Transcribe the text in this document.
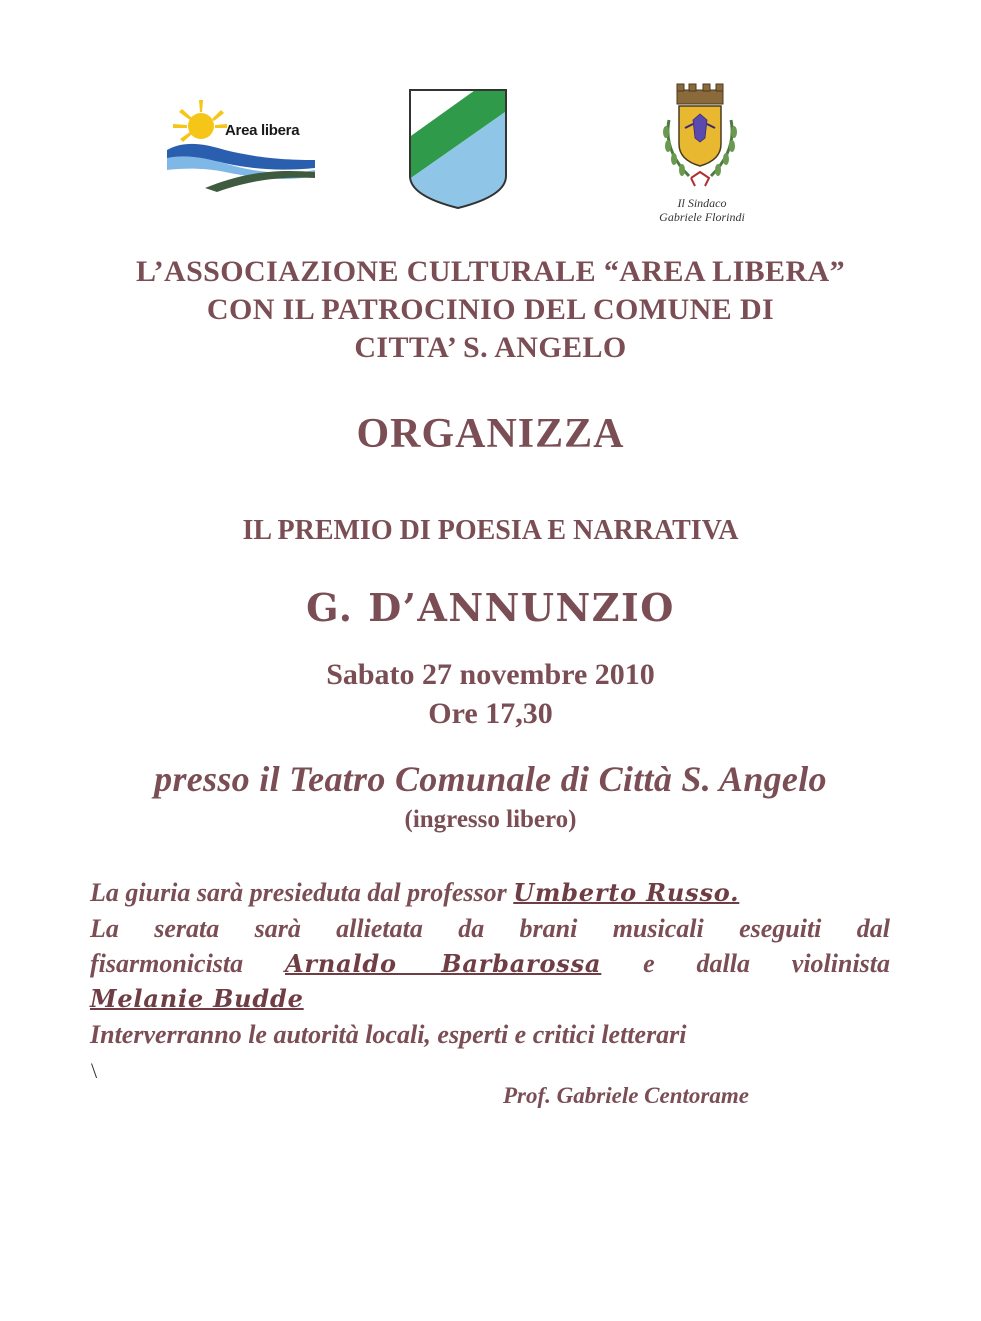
Area libera
Il Sindaco
Gabriele Florindi
L’ASSOCIAZIONE CULTURALE “AREA LIBERA”
CON IL PATROCINIO DEL COMUNE DI
CITTA’ S. ANGELO
ORGANIZZA
IL PREMIO DI POESIA E NARRATIVA
G. D’ANNUNZIO
Sabato 27 novembre 2010
Ore 17,30
presso il Teatro Comunale di Città S. Angelo
(ingresso libero)
La giuria sarà presieduta dal professor Umberto Russo.
La serata sarà allietata da brani musicali eseguiti dal
fisarmonicista Arnaldo Barbarossa e dalla violinista
Melanie Budde
Interverranno le autorità locali, esperti e critici letterari
\
Prof. Gabriele Centorame
